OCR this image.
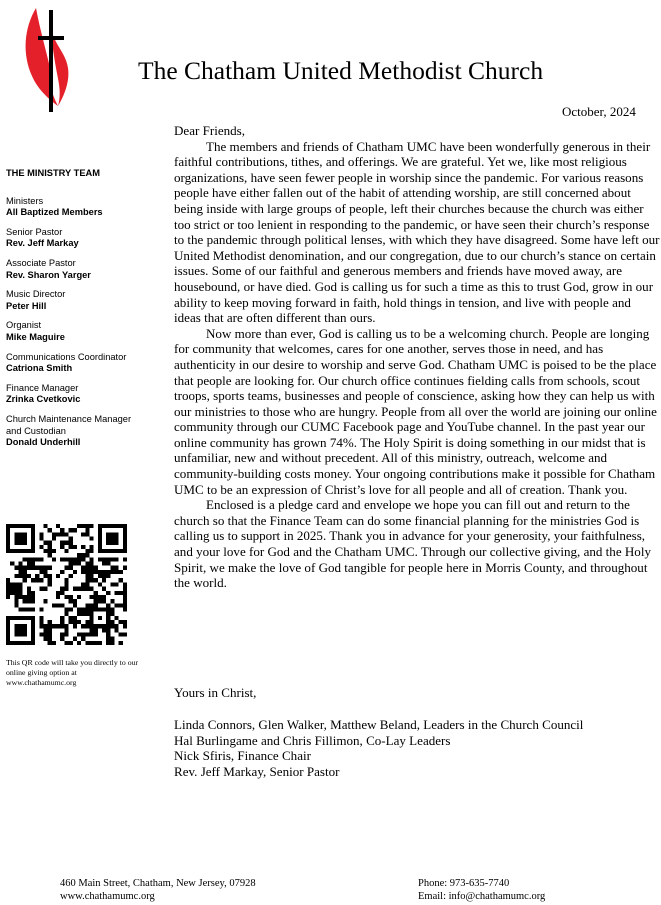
The Chatham United Methodist Church
October, 2024
THE MINISTRY TEAM
Ministers
All Baptized Members
Senior Pastor
Rev. Jeff Markay
Associate Pastor
Rev. Sharon Yarger
Music Director
Peter Hill
Organist
Mike Maguire
Communications Coordinator
Catriona Smith
Finance Manager
Zrinka Cvetkovic
Church Maintenance Manager
and Custodian
Donald Underhill
This QR code will take you directly to our online giving option at www.chathamumc.org

Dear Friends,

The members and friends of Chatham UMC have been wonderfully generous in their faithful contributions, tithes, and offerings. We are grateful. Yet we, like most religious organizations, have seen fewer people in worship since the pandemic. For various reasons people have either fallen out of the habit of attending worship, are still concerned about being inside with large groups of people, left their churches because the church was either too strict or too lenient in responding to the pandemic, or have seen their church’s response to the pandemic through political lenses, with which they have disagreed. Some have left our United Methodist denomination, and our congregation, due to our church’s stance on certain issues. Some of our faithful and generous members and friends have moved away, are housebound, or have died. God is calling us for such a time as this to trust God, grow in our ability to keep moving forward in faith, hold things in tension, and live with people and ideas that are often different than ours.

Now more than ever, God is calling us to be a welcoming church. People are longing for community that welcomes, cares for one another, serves those in need, and has authenticity in our desire to worship and serve God. Chatham UMC is poised to be the place that people are looking for. Our church office continues fielding calls from schools, scout troops, sports teams, businesses and people of conscience, asking how they can help us with our ministries to those who are hungry. People from all over the world are joining our online community through our CUMC Facebook page and YouTube channel. In the past year our online community has grown 74%. The Holy Spirit is doing something in our midst that is unfamiliar, new and without precedent. All of this ministry, outreach, welcome and community-building costs money. Your ongoing contributions make it possible for Chatham UMC to be an expression of Christ’s love for all people and all of creation. Thank you.

Enclosed is a pledge card and envelope we hope you can fill out and return to the church so that the Finance Team can do some financial planning for the ministries God is calling us to support in 2025. Thank you in advance for your generosity, your faithfulness, and your love for God and the Chatham UMC. Through our collective giving, and the Holy Spirit, we make the love of God tangible for people here in Morris County, and throughout the world.

Yours in Christ,
Linda Connors, Glen Walker, Matthew Beland, Leaders in the Church Council
Hal Burlingame and Chris Fillimon, Co-Lay Leaders
Nick Sfiris, Finance Chair
Rev. Jeff Markay, Senior Pastor
460 Main Street, Chatham, New Jersey, 07928
www.chathamumc.org
Phone: 973-635-7740
Email: info@chathamumc.org
